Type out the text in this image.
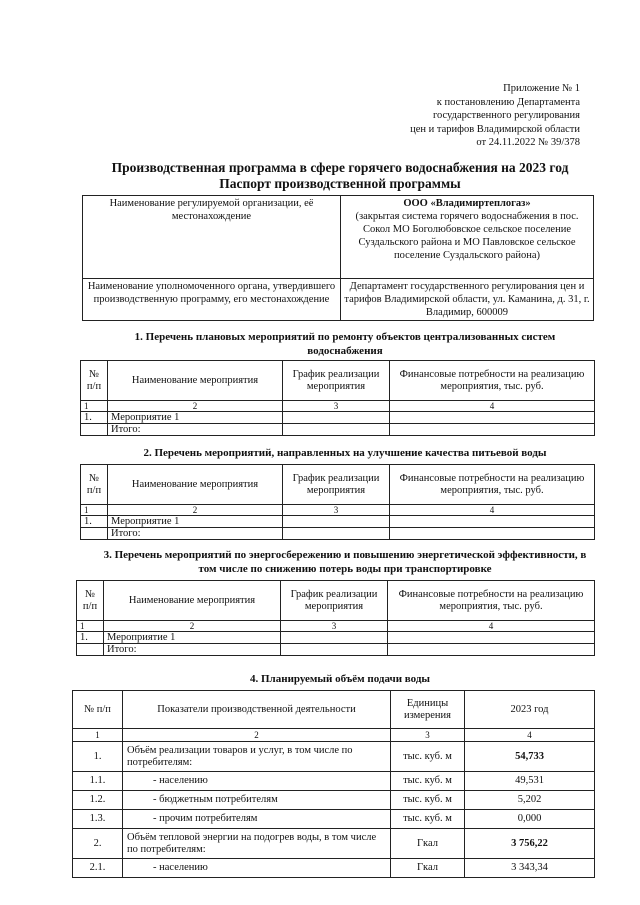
Приложение № 1
к постановлению Департамента
государственного регулирования
цен и тарифов Владимирской области
от 24.11.2022 № 39/378
Производственная программа в сфере горячего водоснабжения на 2023 год
Паспорт производственной программы
Наименование регулируемой организации, её местонахождение	ООО «Владимиртеплогаз»
(закрытая система горячего водоснабжения в пос. Сокол МО Боголюбовское сельское поселение Суздальского района и МО Павловское сельское поселение Суздальского района)

Наименование уполномоченного органа, утвердившего производственную программу, его местонахождение	Департамент государственного регулирования цен и тарифов Владимирской области, ул. Каманина, д. 31, г. Владимир, 600009
1. Перечень плановых мероприятий по ремонту объектов централизованных систем водоснабжения
№ п/п	Наименование мероприятия	График реализации мероприятия	Финансовые потребности на реализацию мероприятия, тыс. руб.
1	2	3	4
1.	Мероприятие 1		
	Итого:		
2. Перечень мероприятий, направленных на улучшение качества питьевой воды
№ п/п	Наименование мероприятия	График реализации мероприятия	Финансовые потребности на реализацию мероприятия, тыс. руб.
1	2	3	4
1.	Мероприятие 1		
	Итого:		
3. Перечень мероприятий по энергосбережению и повышению энергетической эффективности, в том числе по снижению потерь воды при транспортировке
№ п/п	Наименование мероприятия	График реализации мероприятия	Финансовые потребности на реализацию мероприятия, тыс. руб.
1	2	3	4
1.	Мероприятие 1		
	Итого:		
4. Планируемый объём подачи воды
№ п/п	Показатели производственной деятельности	Единицы измерения	2023 год
1	2	3	4
1.	Объём реализации товаров и услуг, в том числе по потребителям:	тыс. куб. м	54,733
1.1.	- населению	тыс. куб. м	49,531
1.2.	- бюджетным потребителям	тыс. куб. м	5,202
1.3.	- прочим потребителям	тыс. куб. м	0,000
2.	Объём тепловой энергии на подогрев воды, в том числе по потребителям:	Гкал	3 756,22
2.1.	- населению	Гкал	3 343,34
